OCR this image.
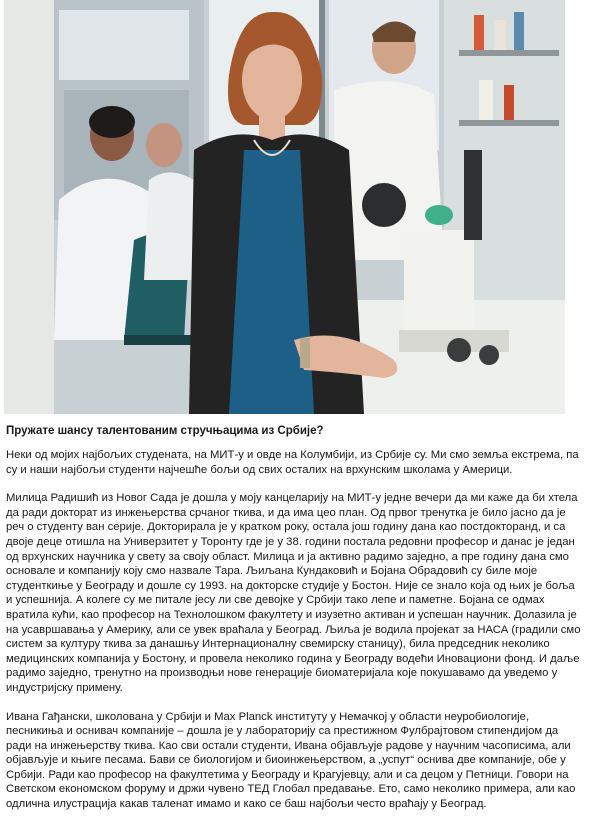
Пружате шансу талентованим стручњацима из Србије?

Неки од мојих најбољих студената, на МИТ-у и овде на Колумбији, из Србије су. Ми смо земља екстрема, па су и наши најбољи студенти најчешће бољи од свих осталих на врхунским школама у Америци.

Милица Радишић из Новог Сада је дошла у мојy канцеларију на МИТ-у једне вечери да ми каже да би хтела да ради докторат из инжењерства срчаног ткива, и да има цео план. Од првог тренутка је било јасно да је реч о студенту ван серије. Докторирала је у кратком року, остала још годину дана као постдокторанд, и са двоје деце отишла на Универзитет у Торонту где је у 38. години постала редовни професор и данас је један од врхунских научника у свету за своју област. Милица и ја активно радимо заједно, а пре годину дана смо основале и компанију коју смо назвале Тара. Љиљана Кундаковић и Бојана Обрадовић су биле моје студенткиње у Београду и дошле су 1993. на докторске студије у Бостон. Није се знало која од њих је боља и успешнија. А колеге су ме питале јесу ли све девојке у Србији тако лепе и паметне. Бојана се одмах вратила кући, као професор на Технолошком факултету и изузетно активан и успешан научник. Долазила је на усавршавања у Америку, али се увек враћала у Београд. Љиља је водила пројекат за НАСА (градили смо систем за културу ткива за данашњу Интернационалну свемирску станицу), била председник неколико медицинских компанија у Бостону, и провела неколико година у Београду водећи Иновациони фонд. И даље радимо заједно, тренутно на производњи нове генерације биоматеријала које покушавамо да уведемо у индустријску примену.

Ивана Гађански, школована у Србији и Max Planck институту у Немачкој у области неуробиологије, песникиња и оснивач компаније – дошла је у лабораторију са престижном Фулбрајтовом стипендијом да ради на инжењерству ткива. Као сви остали студенти, Ивана објављује радове у научним часописима, али објављује и књиге песама. Бави се биологијом и биоинжењерством, а „успут“ оснива две компаније, обе у Србији. Ради као професор на факултетима у Београду и Крагујевцу, али и са децом у Петници. Говори на Светском економском форуму и држи чувено ТЕД Глобал предавање. Ето, само неколико примера, али као одлична илустрација какав таленат имамо и како се баш најбољи често враћају у Београд.
